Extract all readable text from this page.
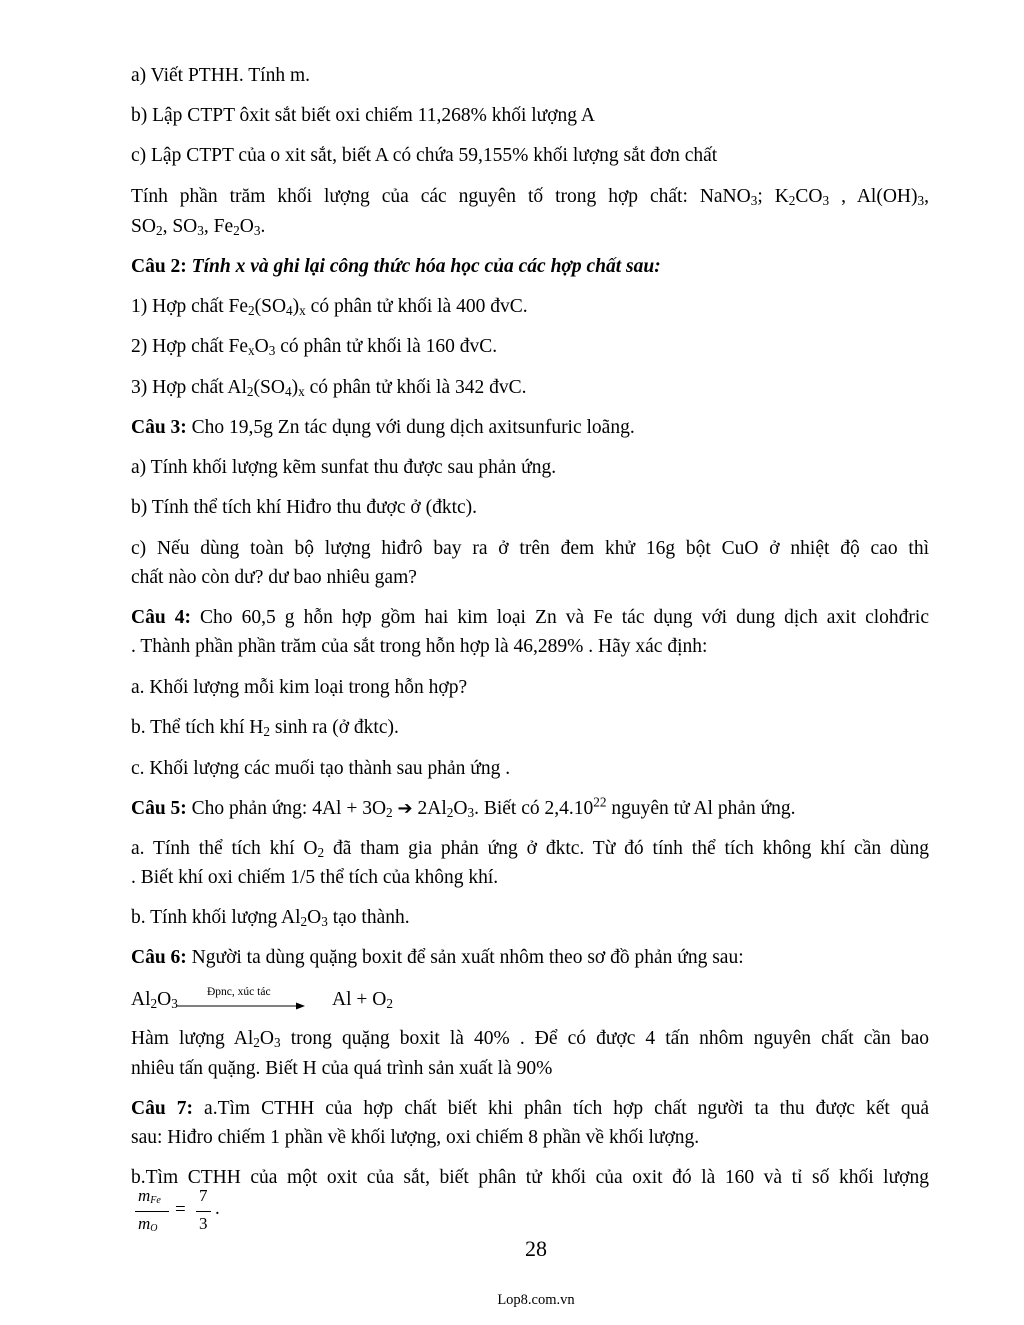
a) Viết PTHH. Tính m.
b) Lập CTPT ôxit sắt biết oxi chiếm 11,268% khối lượng A
c) Lập CTPT của o xit sắt, biết A có chứa 59,155% khối lượng sắt đơn chất
Tính phần trăm khối lượng của các nguyên tố trong hợp chất: NaNO$_3$; $K_2CO_3$ , $Al(OH)_3$,
$SO_2$, $SO_3$, $Fe_2O_3$.
Câu 2: Tính x và ghi lại công thức hóa học của các hợp chất sau:
1) Hợp chất $Fe_2(SO_4)_x$ có phân tử khối là 400 đvC.
2) Hợp chất $Fe_xO_3$ có phân tử khối là 160 đvC.
3) Hợp chất $Al_2(SO_4)_x$ có phân tử khối là 342 đvC.
Câu 3: Cho 19,5g Zn tác dụng với dung dịch axitsunfuric loãng.
a) Tính khối lượng kẽm sunfat thu được sau phản ứng.
b) Tính thể tích khí Hiđro thu được ở (đktc).
c) Nếu dùng toàn bộ lượng hiđrô bay ra ở trên đem khử 16g bột CuO ở nhiệt độ cao thì
chất nào còn dư? dư bao nhiêu gam?
Câu 4: Cho 60,5 g hỗn hợp gồm hai kim loại Zn và Fe tác dụng với dung dịch axit clohđric
. Thành phần phần trăm của sắt trong hỗn hợp là 46,289% . Hãy xác định:
a. Khối lượng mỗi kim loại trong hỗn hợp?
b. Thể tích khí $H_2$ sinh ra (ở đktc).
c. Khối lượng các muối tạo thành sau phản ứng .
Câu 5: Cho phản ứng: $4Al + 3O_2$ ➔ $2Al_2O_3$. Biết có 2,4.10$^{22}$ nguyên tử Al phản ứng.
a. Tính thể tích khí $O_2$ đã tham gia phản ứng ở đktc. Từ đó tính thể tích không khí cần dùng
. Biết khí oxi chiếm 1/5 thể tích của không khí.
b. Tính khối lượng $Al_2O_3$ tạo thành.
Câu 6: Người ta dùng quặng boxit để sản xuất nhôm theo sơ đồ phản ứng sau:
$Al_2O_3$
Đpnc, xúc tác	$Al + O_2$
Hàm lượng $Al_2O_3$ trong quặng boxit là 40% . Để có được 4 tấn nhôm nguyên chất cần bao
nhiêu tấn quặng. Biết H của quá trình sản xuất là 90%
Câu 7: a.Tìm CTHH của hợp chất biết khi phân tích hợp chất người ta thu được kết quả
sau: Hiđro chiếm 1 phần về khối lượng, oxi chiếm 8 phần về khối lượng.
b.Tìm CTHH của một oxit của sắt, biết phân tử khối của oxit đó là 160 và tỉ số khối lượng
$m_{Fe}$
$m_O$
=
7
3
.
28
Lop8.com.vn
